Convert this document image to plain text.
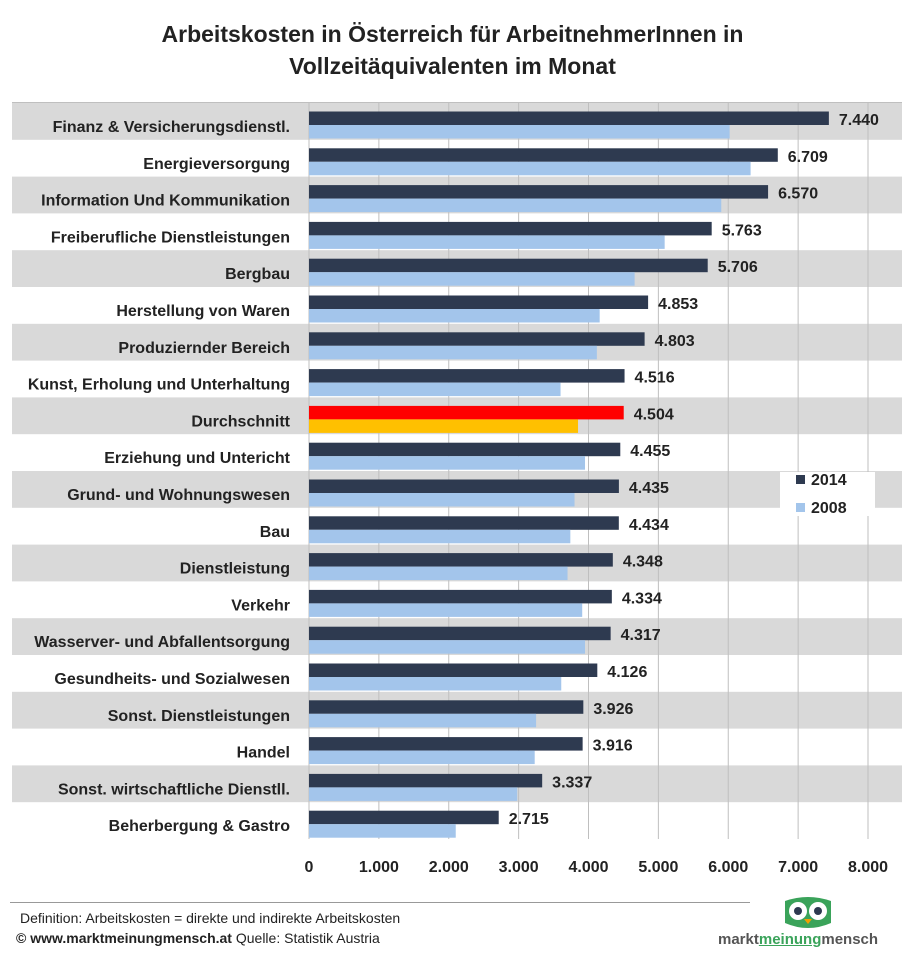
Arbeitskosten in Österreich für ArbeitnehmerInnen in
Vollzeitäquivalenten im Monat
Finanz & Versicherungsdienstl.
Energieversorgung
Information Und Kommunikation
Freiberufliche Dienstleistungen
Bergbau
Herstellung von Waren
Produziernder Bereich
Kunst, Erholung und Unterhaltung
Durchschnitt
Erziehung und Untericht
Grund- und Wohnungswesen
Bau
Dienstleistung
Verkehr
Wasserver- und Abfallentsorgung
Gesundheits- und Sozialwesen
Sonst. Dienstleistungen
Handel
Sonst. wirtschaftliche Dienstll.
Beherbergung & Gastro
7.440
6.709
6.570
5.763
5.706
4.853
4.803
4.516
4.504
4.455
4.435
4.434
4.348
4.334
4.317
4.126
3.926
3.916
3.337
2.715
0	1.000 2.000 3.000 4.000 5.000 6.000 7.000 8.000
2014
2008
Definition: Arbeitskosten = direkte und indirekte Arbeitskosten
© www.marktmeinungmensch.at Quelle: Statistik Austria	marktmeinungmensch
